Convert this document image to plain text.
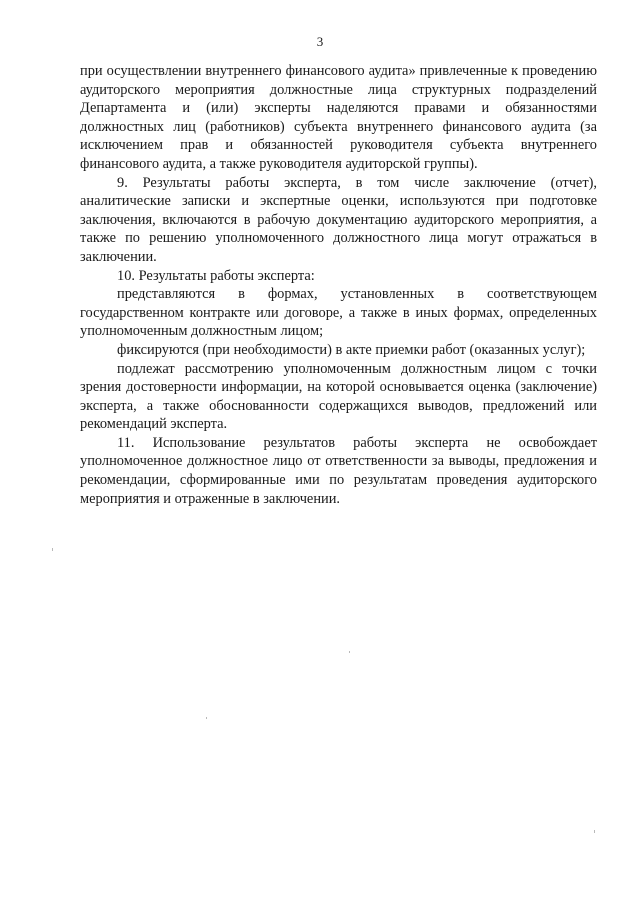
3

при осуществлении внутреннего финансового аудита» привлеченные к проведению аудиторского мероприятия должностные лица структурных подразделений Департамента и (или) эксперты наделяются правами и обязанностями должностных лиц (работников) субъекта внутреннего финансового аудита (за исключением прав и обязанностей руководителя субъекта внутреннего финансового аудита, а также руководителя аудиторской группы).

9. Результаты работы эксперта, в том числе заключение (отчет), аналитические записки и экспертные оценки, используются при подготовке заключения, включаются в рабочую документацию аудиторского мероприятия, а также по решению уполномоченного должностного лица могут отражаться в заключении.

10. Результаты работы эксперта:

представляются в формах, установленных в соответствующем государственном контракте или договоре, а также в иных формах, определенных уполномоченным должностным лицом;

фиксируются (при необходимости) в акте приемки работ (оказанных услуг);

подлежат рассмотрению уполномоченным должностным лицом с точки зрения достоверности информации, на которой основывается оценка (заключение) эксперта, а также обоснованности содержащихся выводов, предложений или рекомендаций эксперта.

11. Использование результатов работы эксперта не освобождает уполномоченное должностное лицо от ответственности за выводы, предложения и рекомендации, сформированные ими по результатам проведения аудиторского мероприятия и отраженные в заключении.
